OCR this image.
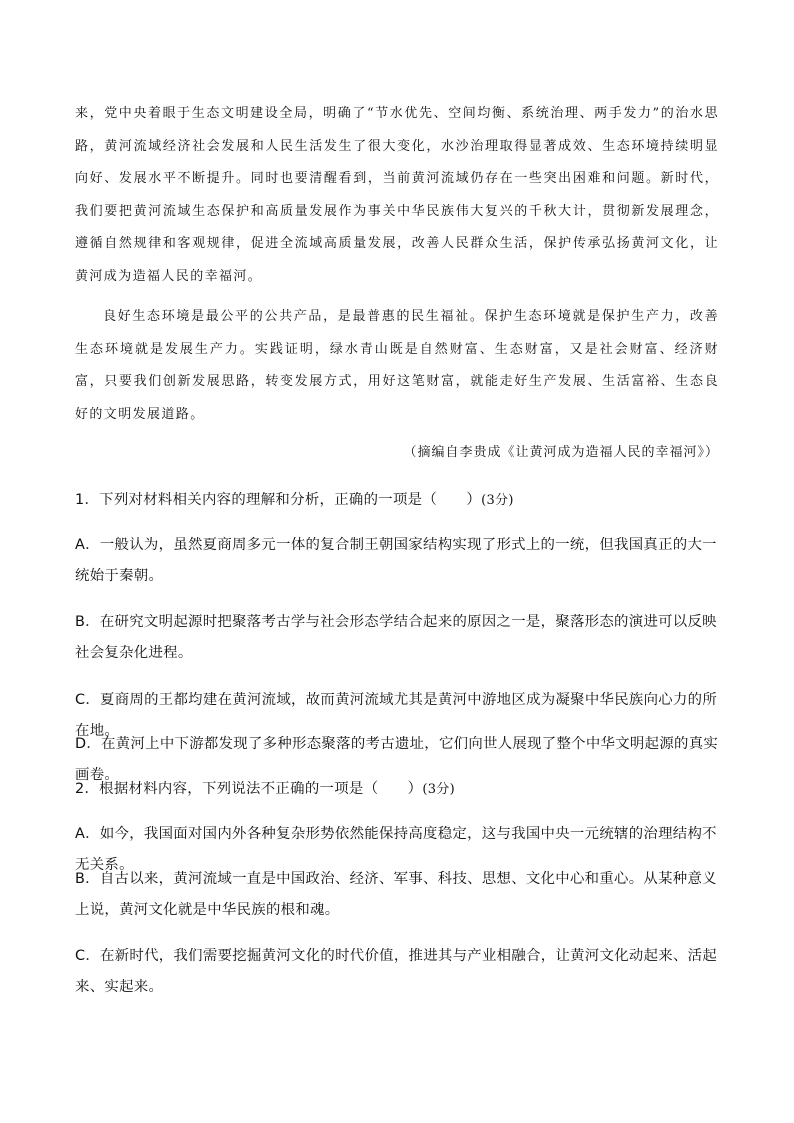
来，党中央着眼于生态文明建设全局，明确了“节水优先、空间均衡、系统治理、两手发力”的治水思路，黄河流域经济社会发展和人民生活发生了很大变化，水沙治理取得显著成效、生态环境持续明显向好、发展水平不断提升。同时也要清醒看到，当前黄河流域仍存在一些突出困难和问题。新时代，我们要把黄河流域生态保护和高质量发展作为事关中华民族伟大复兴的千秋大计，贯彻新发展理念，遵循自然规律和客观规律，促进全流域高质量发展，改善人民群众生活，保护传承弘扬黄河文化，让黄河成为造福人民的幸福河。

良好生态环境是最公平的公共产品，是最普惠的民生福祉。保护生态环境就是保护生产力，改善生态环境就是发展生产力。实践证明，绿水青山既是自然财富、生态财富，又是社会财富、经济财富，只要我们创新发展思路，转变发展方式，用好这笔财富，就能走好生产发展、生活富裕、生态良好的文明发展道路。

（摘编自李贵成《让黄河成为造福人民的幸福河》）

1．下列对材料相关内容的理解和分析，正确的一项是（　　）(3分)

A．一般认为，虽然夏商周多元一体的复合制王朝国家结构实现了形式上的一统，但我国真正的大一统始于秦朝。

B．在研究文明起源时把聚落考古学与社会形态学结合起来的原因之一是，聚落形态的演进可以反映社会复杂化进程。

C．夏商周的王都均建在黄河流域，故而黄河流域尤其是黄河中游地区成为凝聚中华民族向心力的所在地。

D．在黄河上中下游都发现了多种形态聚落的考古遗址，它们向世人展现了整个中华文明起源的真实画卷。

2．根据材料内容，下列说法不正确的一项是（　　）(3分)

A．如今，我国面对国内外各种复杂形势依然能保持高度稳定，这与我国中央一元统辖的治理结构不无关系。

B．自古以来，黄河流域一直是中国政治、经济、军事、科技、思想、文化中心和重心。从某种意义上说，黄河文化就是中华民族的根和魂。

C．在新时代，我们需要挖掘黄河文化的时代价值，推进其与产业相融合，让黄河文化动起来、活起来、实起来。
